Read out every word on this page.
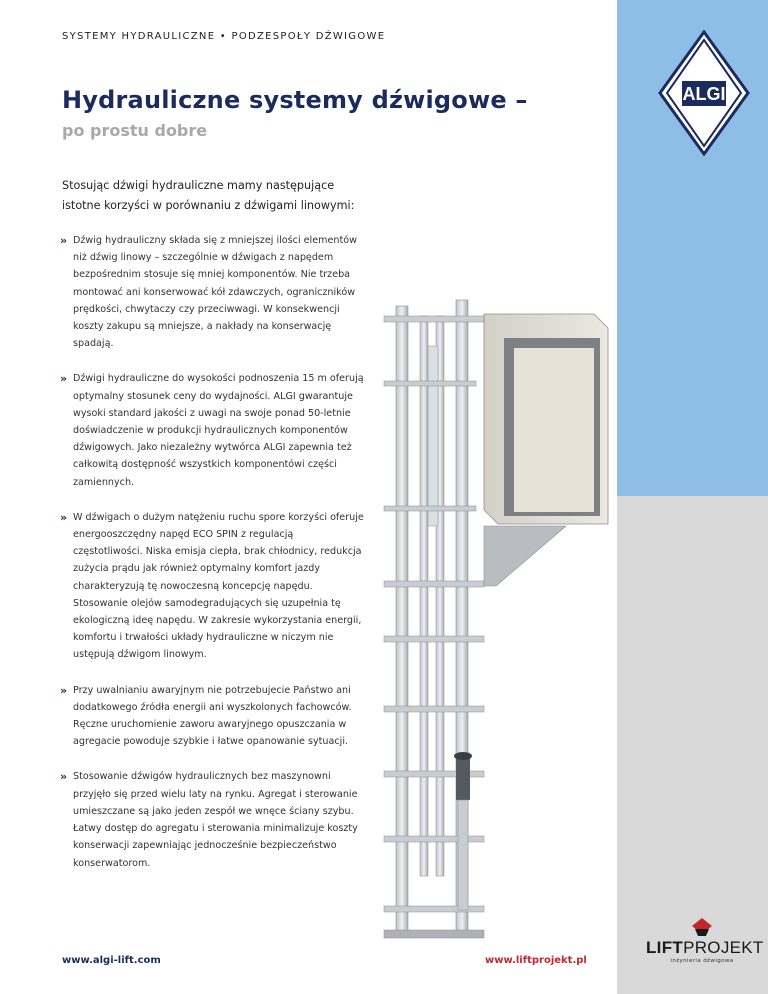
SYSTEMY HYDRAULICZNE • PODZESPOŁY DŹWIGOWE
Hydrauliczne systemy dźwigowe –
po prostu dobre

Stosując dźwigi hydrauliczne mamy następujące istotne korzyści w porównaniu z dźwigami linowymi:

» Dźwig hydrauliczny składa się z mniejszej ilości elementów niż dźwig linowy – szczególnie w dźwigach z napędem bezpośrednim stosuje się mniej komponentów. Nie trzeba montować ani konserwować kół zdawczych, ograniczników prędkości, chwytaczy czy przeciwwagi. W konsekwencji koszty zakupu są mniejsze, a nakłady na konserwację spadają.
» Dźwigi hydrauliczne do wysokości podnoszenia 15 m oferują optymalny stosunek ceny do wydajności. ALGI gwarantuje wysoki standard jakości z uwagi na swoje ponad 50-letnie doświadczenie w produkcji hydraulicznych komponentów dźwigowych. Jako niezależny wytwórca ALGI zapewnia też całkowitą dostępność wszystkich komponentówi części zamiennych.
» W dźwigach o dużym natężeniu ruchu spore korzyści oferuje energooszczędny napęd ECO SPIN z regulacją częstotliwości. Niska emisja ciepła, brak chłodnicy, redukcja zużycia prądu jak również optymalny komfort jazdy charakteryzują tę nowoczesną koncepcję napędu. Stosowanie olejów samodegradujących się uzupełnia tę ekologiczną ideę napędu. W zakresie wykorzystania energii, komfortu i trwałości układy hydrauliczne w niczym nie ustępują dźwigom linowym.
» Przy uwalnianiu awaryjnym nie potrzebujecie Państwo ani dodatkowego źródła energii ani wyszkolonych fachowców. Ręczne uruchomienie zaworu awaryjnego opuszczania w agregacie powoduje szybkie i łatwe opanowanie sytuacji.
» Stosowanie dźwigów hydraulicznych bez maszynowni przyjęło się przed wielu laty na rynku. Agregat i sterowanie umieszczane są jako jeden zespół we wnęce ściany szybu. Łatwy dostęp do agregatu i sterowania minimalizuje koszty konserwacji zapewniając jednocześnie bezpieczeństwo konserwatorom.
ALGI
LIFTPROJEKT
inżynieria dźwigowa
www.algi-lift.com	www.liftprojekt.pl
